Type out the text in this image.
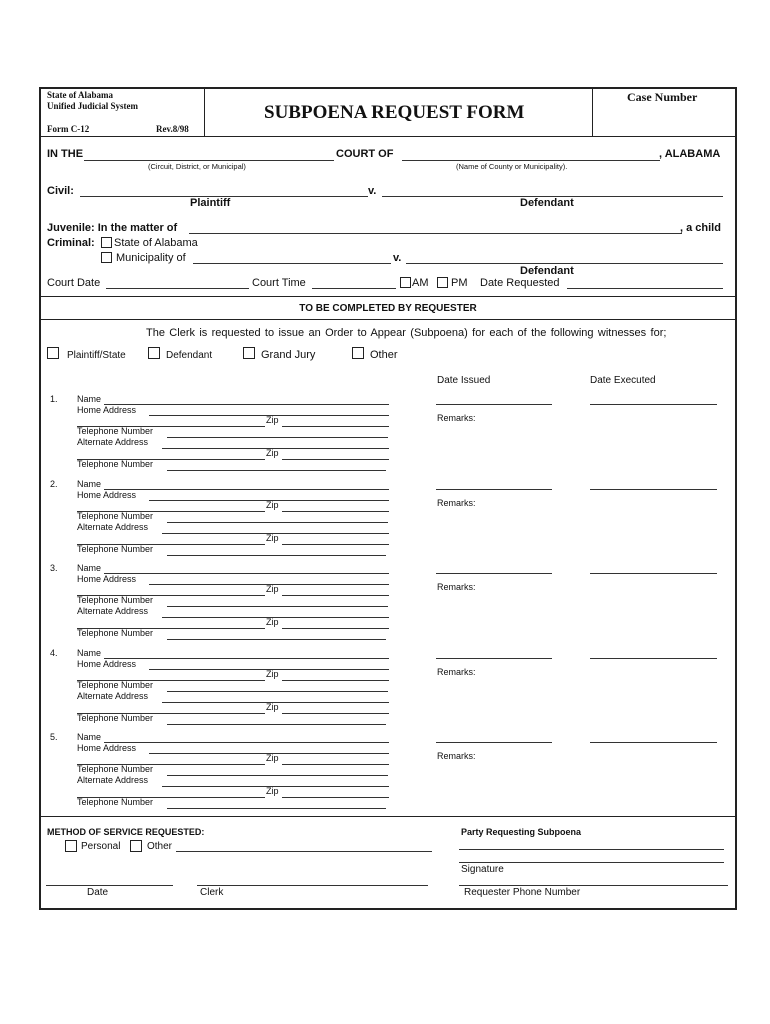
State of Alabama
Unified Judicial System
Form C-12	Rev.8/98
SUBPOENA REQUEST FORM
Case Number
IN THE	COURT OF	, ALABAMA
(Circuit, District, or Municipal)	(Name of County or Municipality).
Civil:	v.
Plaintiff	Defendant
Juvenile: In the matter of	, a child
Criminal: State of Alabama
Municipality of	v.
Defendant
Court Date	Court Time	AM PM Date Requested
TO BE COMPLETED BY REQUESTER
The Clerk is requested to issue an Order to Appear (Subpoena) for each of the following witnesses for;
Plaintiff/State	Defendant	Grand Jury	Other
Date Issued	Date Executed
1. Name
Home Address
Zip
Telephone Number
Alternate Address
Zip
Telephone Number
Remarks:
2. Name
Home Address
Zip
Telephone Number
Alternate Address
Zip
Telephone Number
Remarks:
3. Name
Home Address
Zip
Telephone Number
Alternate Address
Zip
Telephone Number
Remarks:
4. Name
Home Address
Zip
Telephone Number
Alternate Address
Zip
Telephone Number
Remarks:
5. Name
Home Address
Zip
Telephone Number
Alternate Address
Zip
Telephone Number
Remarks:
METHOD OF SERVICE REQUESTED:
Personal	Other
Date	Clerk
Party Requesting Subpoena
Signature
Requester Phone Number
